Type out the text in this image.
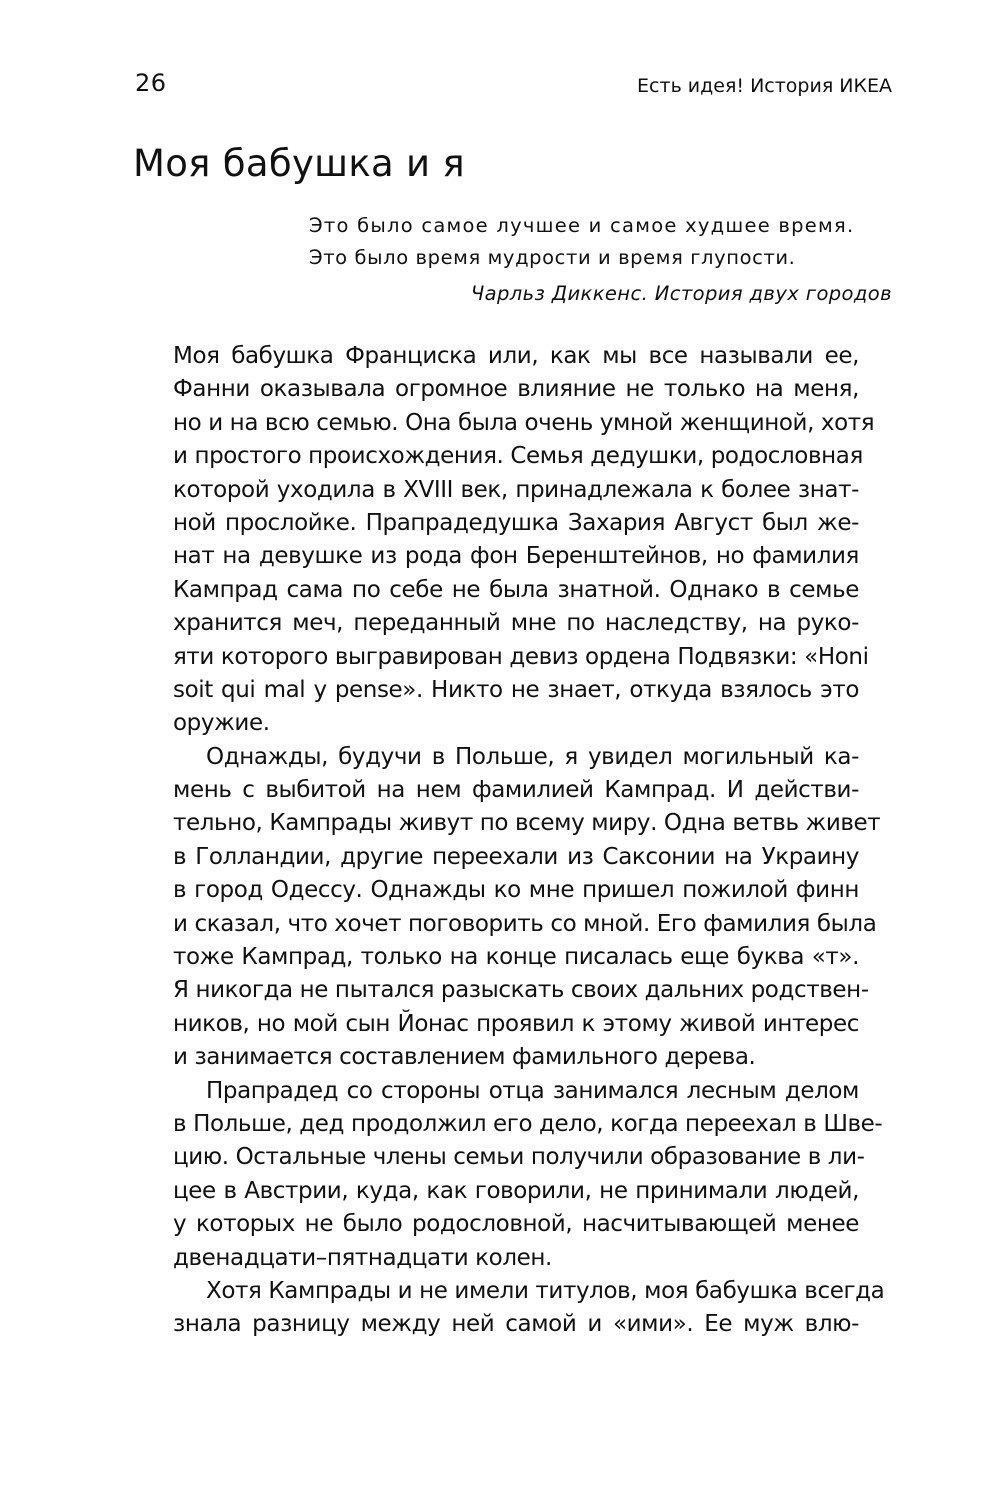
26	Есть идея! История ИКЕА
Моя бабушка и я
Это было самое лучшее и самое худшее время.
Это было время мудрости и время глупости.
Чарльз Диккенс. История двух городов
Моя бабушка Франциска или, как мы все называли ее,
Фанни оказывала огромное влияние не только на меня,
но и на всю семью. Она была очень умной женщиной, хотя
и простого происхождения. Семья дедушки, родословная
которой уходила в XVIII век, принадлежала к более знат-
ной прослойке. Прапрадедушка Захария Август был же-
нат на девушке из рода фон Беренштейнов, но фамилия
Кампрад сама по себе не была знатной. Однако в семье
хранится меч, переданный мне по наследству, на руко-
яти которого выгравирован девиз ордена Подвязки: «Honi
soit qui mal y pense». Никто не знает, откуда взялось это
оружие.
Однажды, будучи в Польше, я увидел могильный ка-
мень с выбитой на нем фамилией Кампрад. И действи-
тельно, Кампрады живут по всему миру. Одна ветвь живет
в Голландии, другие переехали из Саксонии на Украину
в город Одессу. Однажды ко мне пришел пожилой финн
и сказал, что хочет поговорить со мной. Его фамилия была
тоже Кампрад, только на конце писалась еще буква «т».
Я никогда не пытался разыскать своих дальних родствен-
ников, но мой сын Йонас проявил к этому живой интерес
и занимается составлением фамильного дерева.
Прапрадед со стороны отца занимался лесным делом
в Польше, дед продолжил его дело, когда переехал в Шве-
цию. Остальные члены семьи получили образование в ли-
цее в Австрии, куда, как говорили, не принимали людей,
у которых не было родословной, насчитывающей менее
двенадцати–пятнадцати колен.
Хотя Кампрады и не имели титулов, моя бабушка всегда
знала разницу между ней самой и «ими». Ее муж влю-
